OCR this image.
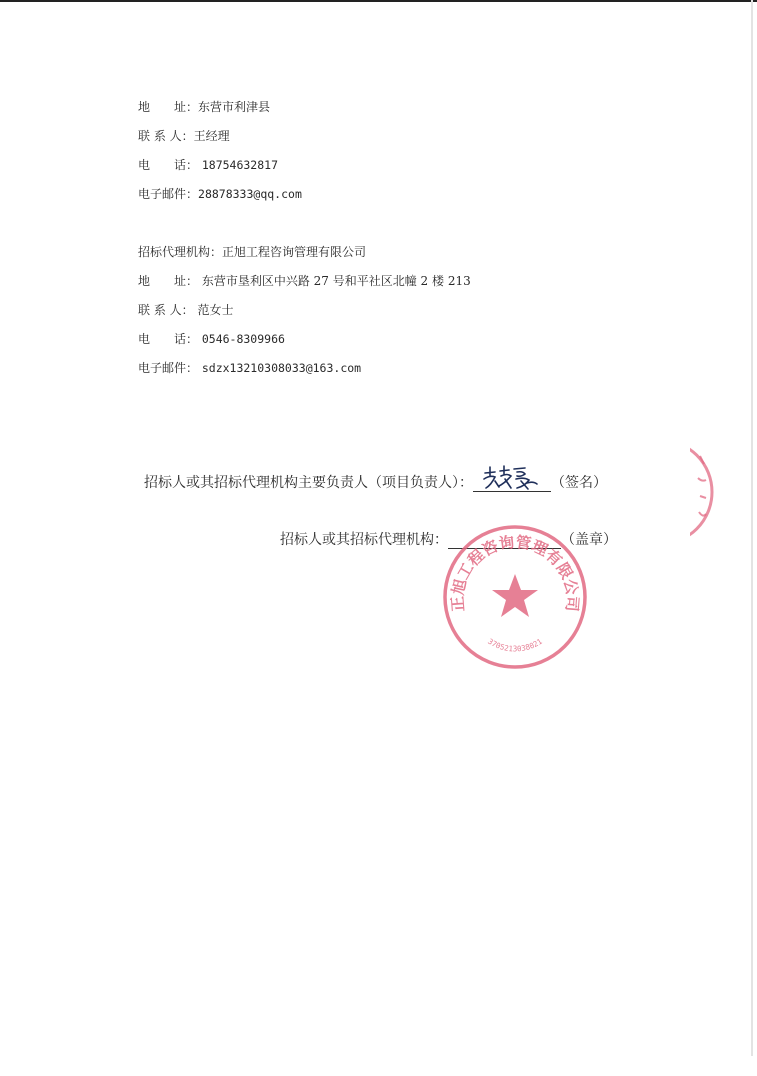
地　　址：东营市利津县
联 系 人：王经理
电　　话： 18754632817
电子邮件：28878333@qq.com
招标代理机构：正旭工程咨询管理有限公司
地　　址： 东营市垦利区中兴路 27 号和平社区北幢 2 楼 213
联 系 人： 范女士
电　　话： 0546-8309966
电子邮件： sdzx13210308033@163.com
招标人或其招标代理机构主要负责人（项目负责人）：	（签名）
招标人或其招标代理机构：	（盖章）
正旭工程咨询管理有限公司
3705213038021
